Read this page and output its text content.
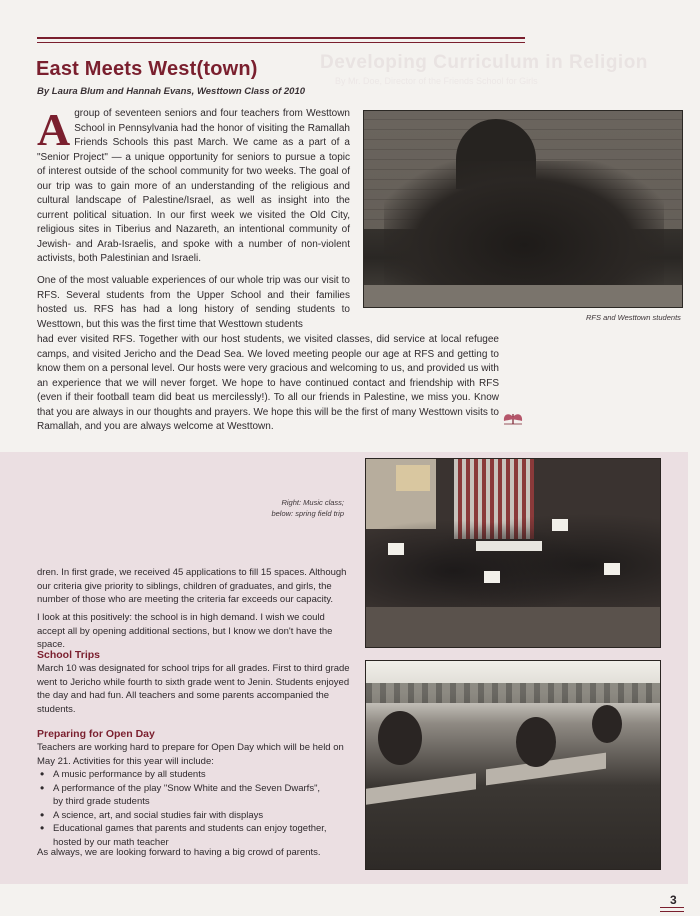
Developing Curriculum in Religion
By Mr. Doe, Director of the Friends School for Girls
East Meets West(town)
By Laura Blum and Hannah Evans, Westtown Class of 2010
A group of seventeen seniors and four teachers from Westtown School in Pennsylvania had the honor of visiting the Ramallah Friends Schools this past March. We came as a part of a "Senior Project" — a unique opportunity for seniors to pursue a topic of interest outside of the school community for two weeks. The goal of our trip was to gain more of an understanding of the religious and cultural landscape of Palestine/Israel, as well as insight into the current political situation. In our first week we visited the Old City, religious sites in Tiberius and Nazareth, an intentional community of Jewish- and Arab-Israelis, and spoke with a number of non-violent activists, both Palestinian and Israeli.
One of the most valuable experiences of our whole trip was our visit to RFS. Several students from the Upper School and their families hosted us. RFS has had a long history of sending students to Westtown, but this was the first time that Westtown students
had ever visited RFS. Together with our host students, we visited classes, did service at local refugee camps, and visited Jericho and the Dead Sea. We loved meeting people our age at RFS and getting to know them on a personal level. Our hosts were very gracious and welcoming to us, and provided us with an experience that we will never forget. We hope to have continued contact and friendship with RFS (even if their football team did beat us mercilessly!). To all our friends in Palestine, we miss you. Know that you are always in our thoughts and prayers. We hope this will be the first of many Westtown visits to Ramallah, and you are always welcome at Westtown.
RFS and Westtown students
Right: Music class;
below: spring field trip
dren. In first grade, we received 45 applications to fill 15 spaces. Although our criteria give priority to siblings, children of graduates, and girls, the number of those who are meeting the criteria far exceeds our capacity.
I look at this positively: the school is in high demand. I wish we could accept all by opening additional sections, but I know we don't have the space.
School Trips
March 10 was designated for school trips for all grades. First to third grade went to Jericho while fourth to sixth grade went to Jenin. Students enjoyed the day and had fun. All teachers and some parents accompanied the students.
Preparing for Open Day
Teachers are working hard to prepare for Open Day which will be held on May 21. Activities for this year will include:
• A music performance by all students
• A performance of the play "Snow White and the Seven Dwarfs",
by third grade students
• A science, art, and social studies fair with displays
• Educational games that parents and students can enjoy together,
hosted by our math teacher
As always, we are looking forward to having a big crowd of parents.
3
